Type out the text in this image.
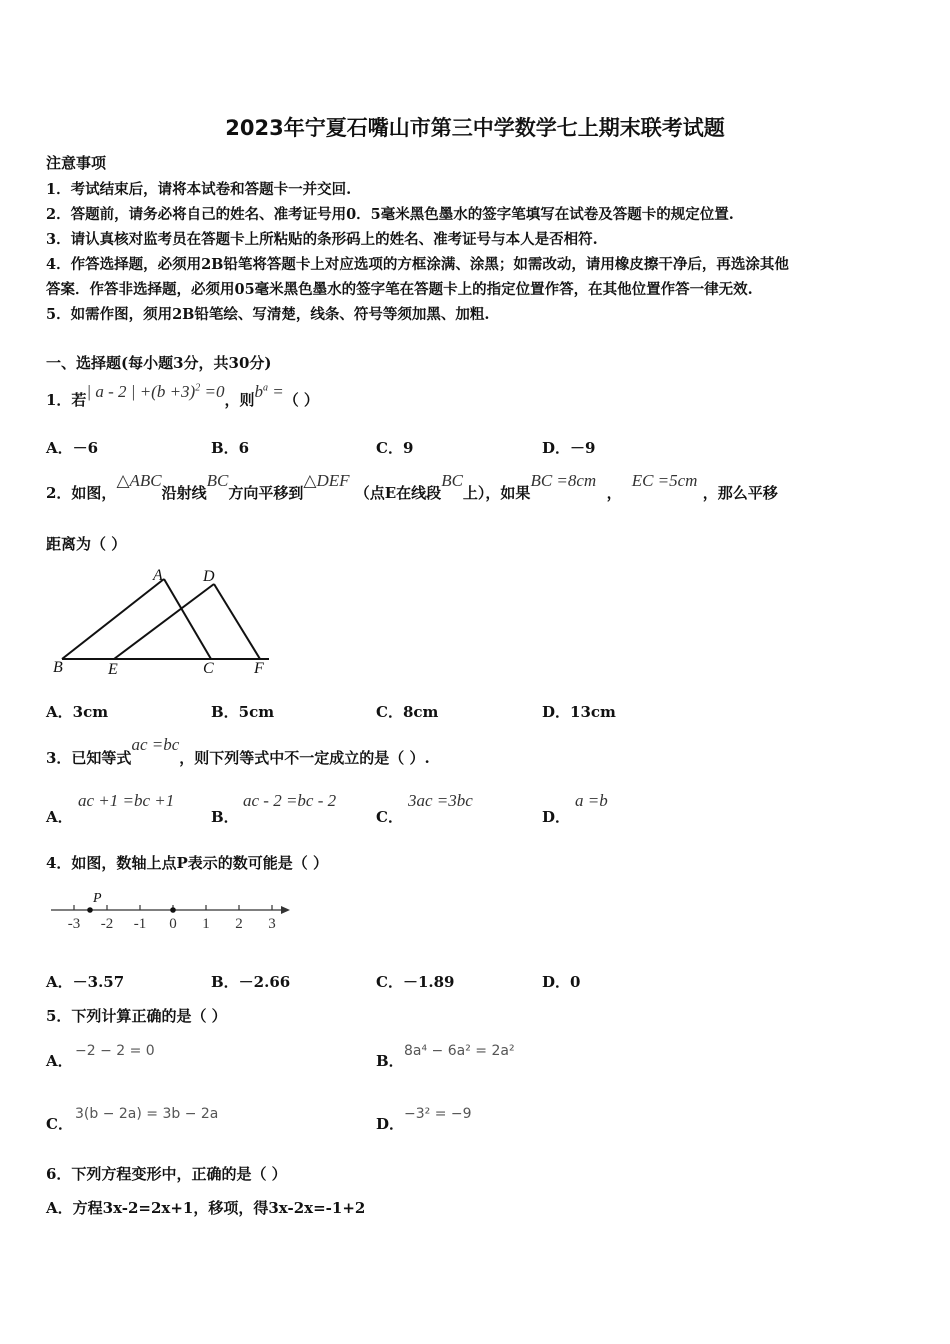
2023年宁夏石嘴山市第三中学数学七上期末联考试题
注意事项
1．考试结束后，请将本试卷和答题卡一并交回.
2．答题前，请务必将自己的姓名、准考证号用0．5毫米黑色墨水的签字笔填写在试卷及答题卡的规定位置.
3．请认真核对监考员在答题卡上所粘贴的条形码上的姓名、准考证号与本人是否相符.
4．作答选择题，必须用2B铅笔将答题卡上对应选项的方框涂满、涂黑；如需改动，请用橡皮擦干净后，再选涂其他
答案．作答非选择题，必须用05毫米黑色墨水的签字笔在答题卡上的指定位置作答，在其他位置作答一律无效.
5．如需作图，须用2B铅笔绘、写清楚，线条、符号等须加黑、加粗.
一、选择题(每小题3分，共30分)
1．若| a - 2 | $+(b +3)^2 =0$，则$b^a$ =（ ）
A．－6	B．6	C．9	D．－9
2．如图，△ABC沿射线BC方向平移到△DEF （点E在线段BC上），如果BC =8cm  ，EC =5cm ，那么平移
距离为（ ）
A	D
B	E	C	F
A．3cm	B．5cm	C．8cm	D．13cm
3．已知等式ac =bc，则下列等式中不一定成立的是（ ）.
A．
ac +1 =bc +1
B．
ac - 2 =bc - 2
C．
3ac =3bc
D．
a =b
4．如图，数轴上点P表示的数可能是（ ）
P
-3 -2 -1 0 1 2 3
A．－3.57	B．－2.66	C．－1.89	D．0
5．下列计算正确的是（ ）
A．
−2 − 2 = 0
B．
8a⁴ − 6a² = 2a²
C．
3(b − 2a) = 3b − 2a
D．
−3² = −9
6．下列方程变形中，正确的是（ ）
A．方程3x-2=2x+1，移项，得3x-2x=-1+2
